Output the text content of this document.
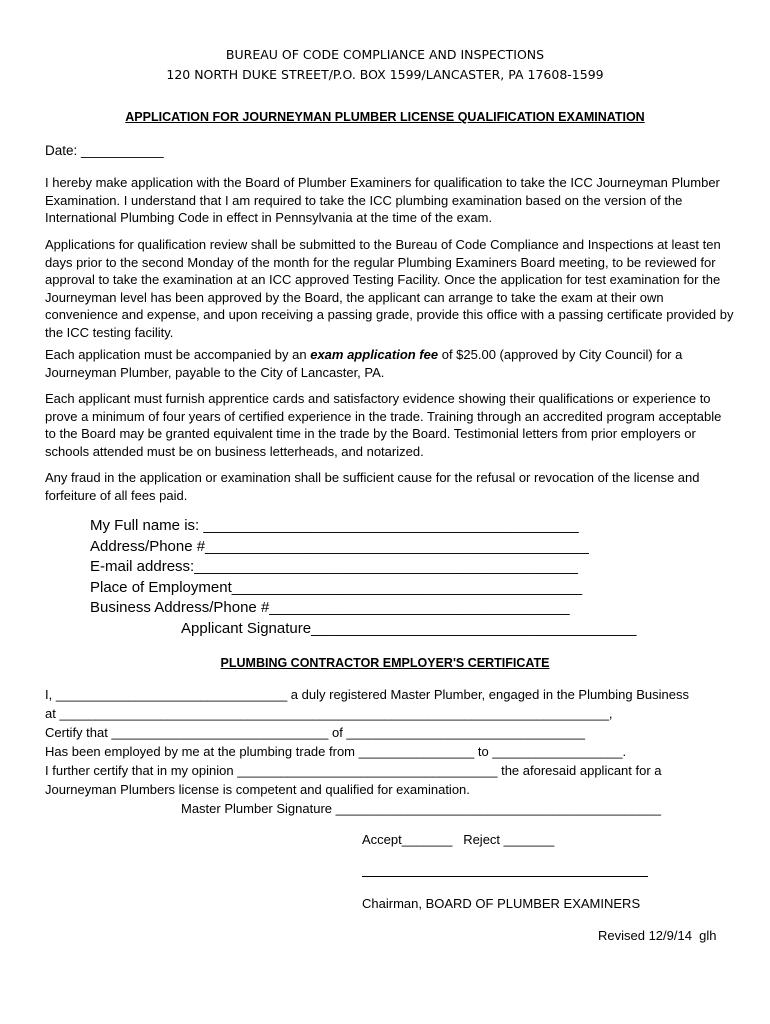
BUREAU OF CODE COMPLIANCE AND INSPECTIONS
120 NORTH DUKE STREET/P.O. BOX 1599/LANCASTER, PA 17608-1599
APPLICATION FOR JOURNEYMAN PLUMBER LICENSE QUALIFICATION EXAMINATION
Date: ___________

I hereby make application with the Board of Plumber Examiners for qualification to take the ICC Journeyman Plumber Examination. I understand that I am required to take the ICC plumbing examination based on the version of the International Plumbing Code in effect in Pennsylvania at the time of the exam.

Applications for qualification review shall be submitted to the Bureau of Code Compliance and Inspections at least ten days prior to the second Monday of the month for the regular Plumbing Examiners Board meeting, to be reviewed for approval to take the examination at an ICC approved Testing Facility. Once the application for test examination for the Journeyman level has been approved by the Board, the applicant can arrange to take the exam at their own convenience and expense, and upon receiving a passing grade, provide this office with a passing certificate provided by the ICC testing facility.

Each application must be accompanied by an exam application fee of $25.00 (approved by City Council) for a Journeyman Plumber, payable to the City of Lancaster, PA.

Each applicant must furnish apprentice cards and satisfactory evidence showing their qualifications or experience to prove a minimum of four years of certified experience in the trade. Training through an accredited program acceptable to the Board may be granted equivalent time in the trade by the Board. Testimonial letters from prior employers or schools attended must be on business letterheads, and notarized.

Any fraud in the application or examination shall be sufficient cause for the refusal or revocation of the license and forfeiture of all fees paid.

My Full name is: _____________________________________________
Address/Phone #______________________________________________
E-mail address:______________________________________________
Place of Employment__________________________________________
Business Address/Phone #____________________________________
Applicant Signature_______________________________________
PLUMBING CONTRACTOR EMPLOYER'S CERTIFICATE
I, ________________________________ a duly registered Master Plumber, engaged in the Plumbing Business
at ____________________________________________________________________________,
Certify that ______________________________ of _________________________________
Has been employed by me at the plumbing trade from ________________ to __________________.
I further certify that in my opinion ____________________________________ the aforesaid applicant for a
Journeyman Plumbers license is competent and qualified for examination.
Master Plumber Signature _____________________________________________
Accept_______   Reject _______
Chairman, BOARD OF PLUMBER EXAMINERS
Revised 12/9/14  glh
